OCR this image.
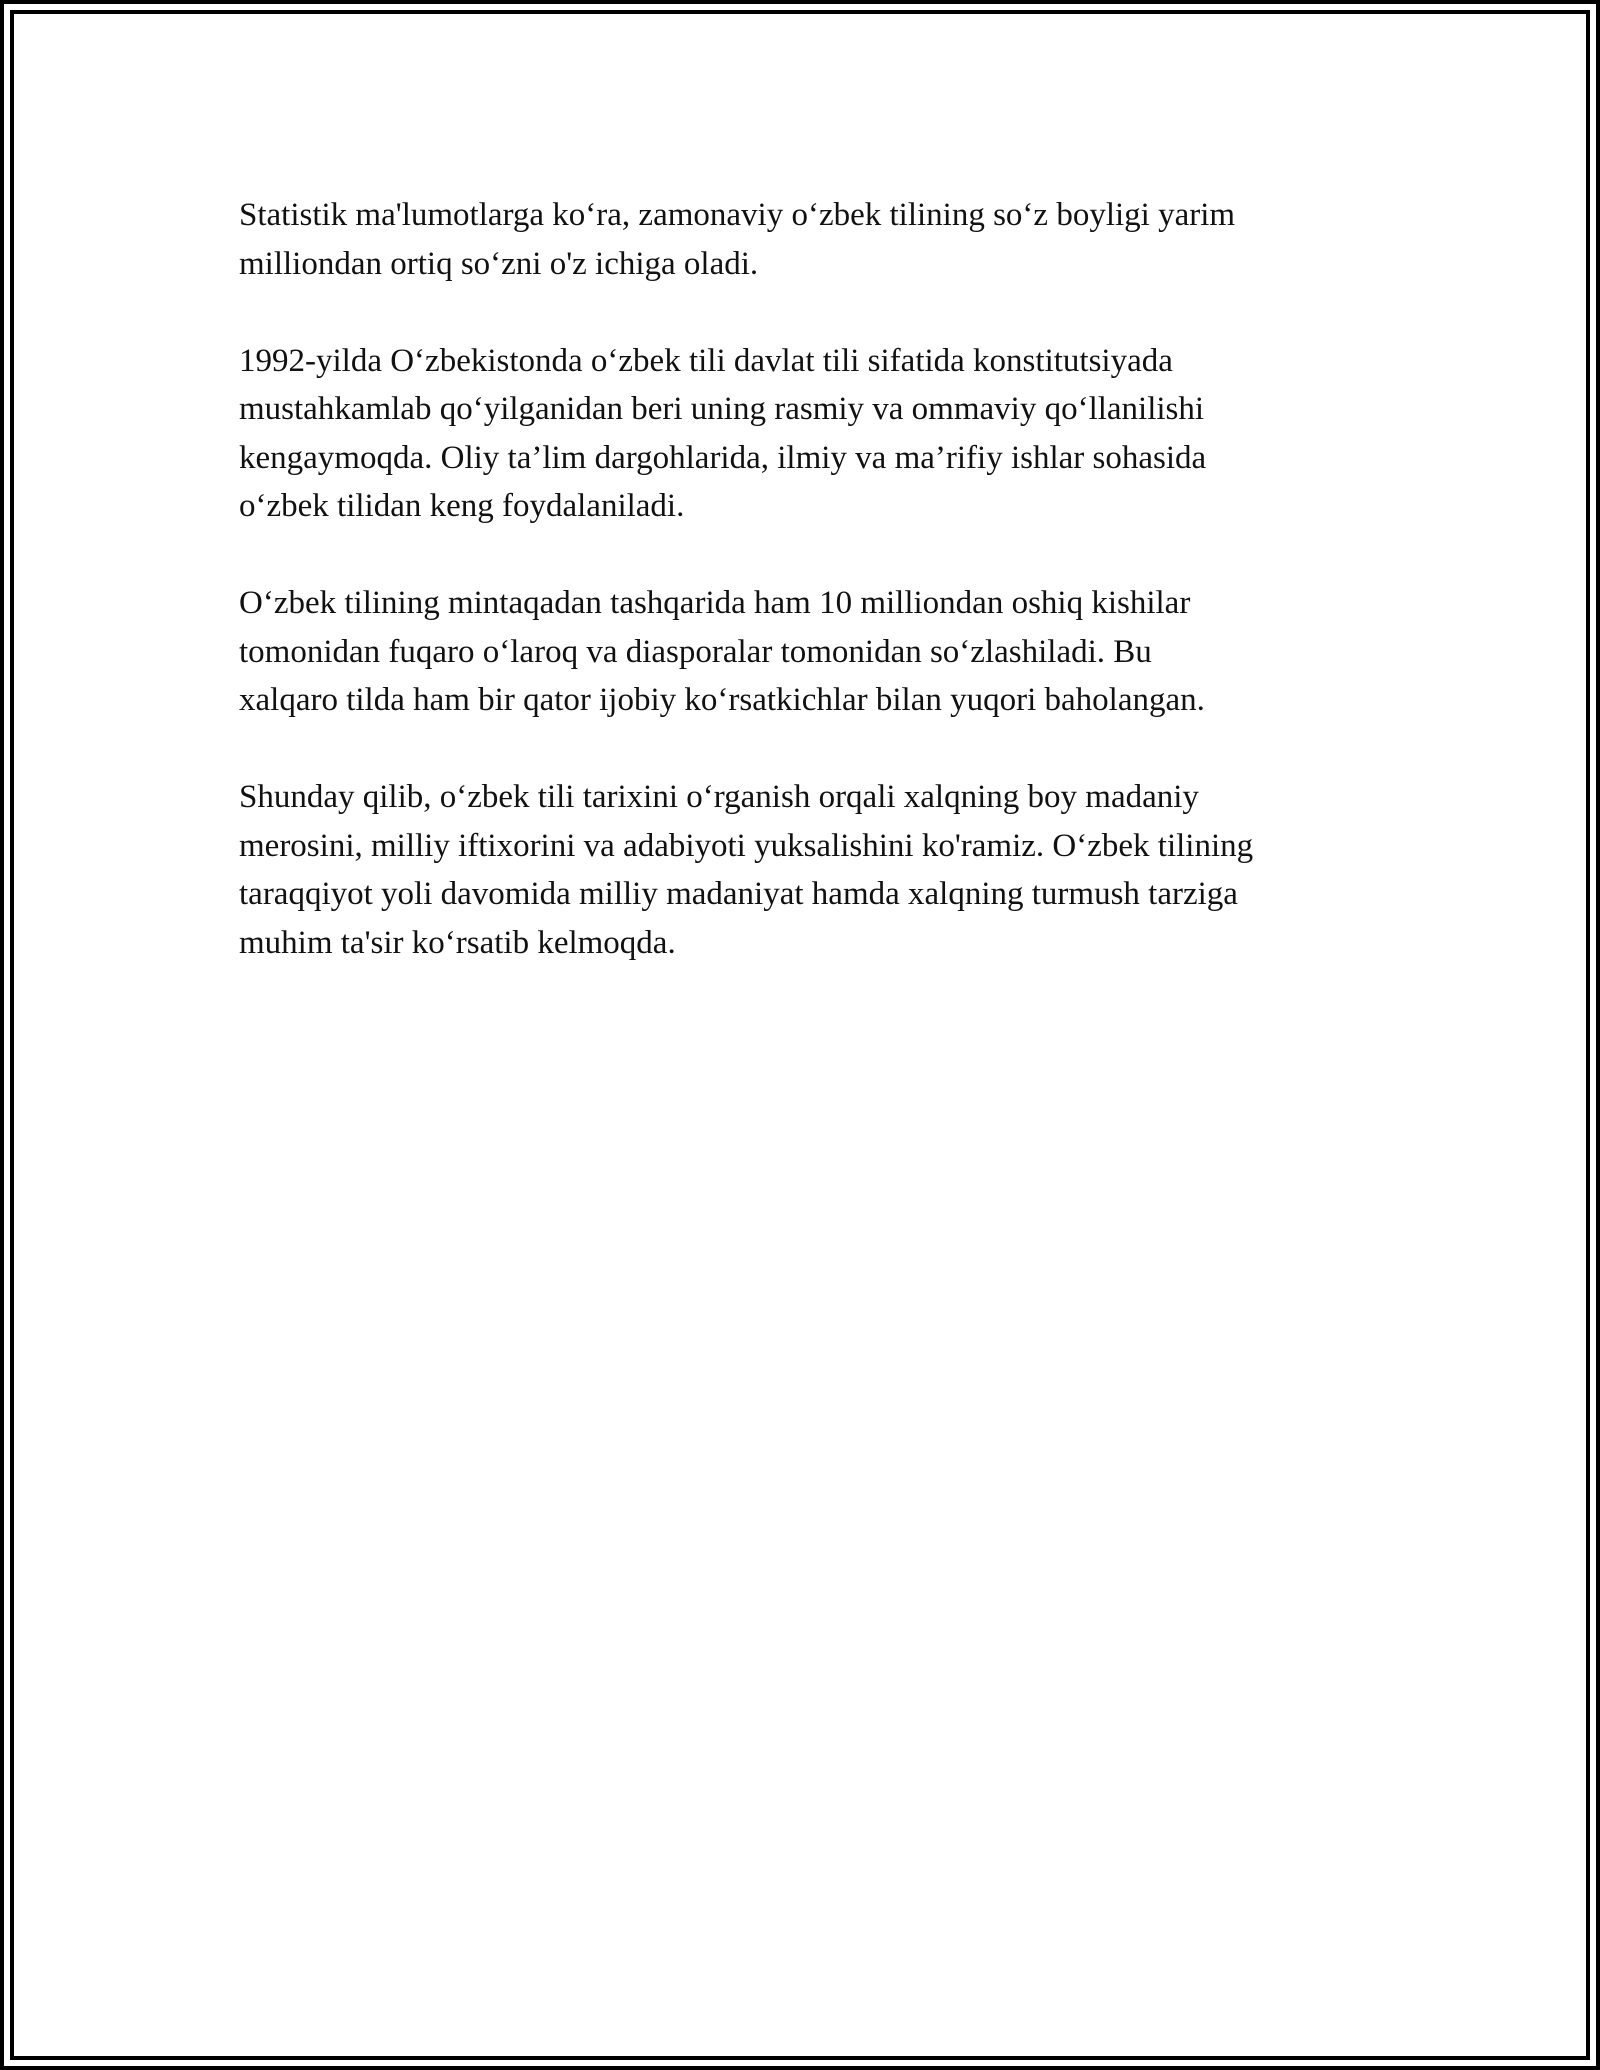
Statistik ma'lumotlarga ko‘ra, zamonaviy o‘zbek tilining so‘z boyligi yarim
milliondan ortiq so‘zni o'z ichiga oladi.

1992-yilda O‘zbekistonda o‘zbek tili davlat tili sifatida konstitutsiyada
mustahkamlab qo‘yilganidan beri uning rasmiy va ommaviy qo‘llanilishi
kengaymoqda. Oliy ta’lim dargohlarida, ilmiy va ma’rifiy ishlar sohasida
o‘zbek tilidan keng foydalaniladi.

O‘zbek tilining mintaqadan tashqarida ham 10 milliondan oshiq kishilar
tomonidan fuqaro o‘laroq va diasporalar tomonidan so‘zlashiladi. Bu
xalqaro tilda ham bir qator ijobiy ko‘rsatkichlar bilan yuqori baholangan.

Shunday qilib, o‘zbek tili tarixini o‘rganish orqali xalqning boy madaniy
merosini, milliy iftixorini va adabiyoti yuksalishini ko'ramiz. O‘zbek tilining
taraqqiyot yoli davomida milliy madaniyat hamda xalqning turmush tarziga
muhim ta'sir ko‘rsatib kelmoqda.
